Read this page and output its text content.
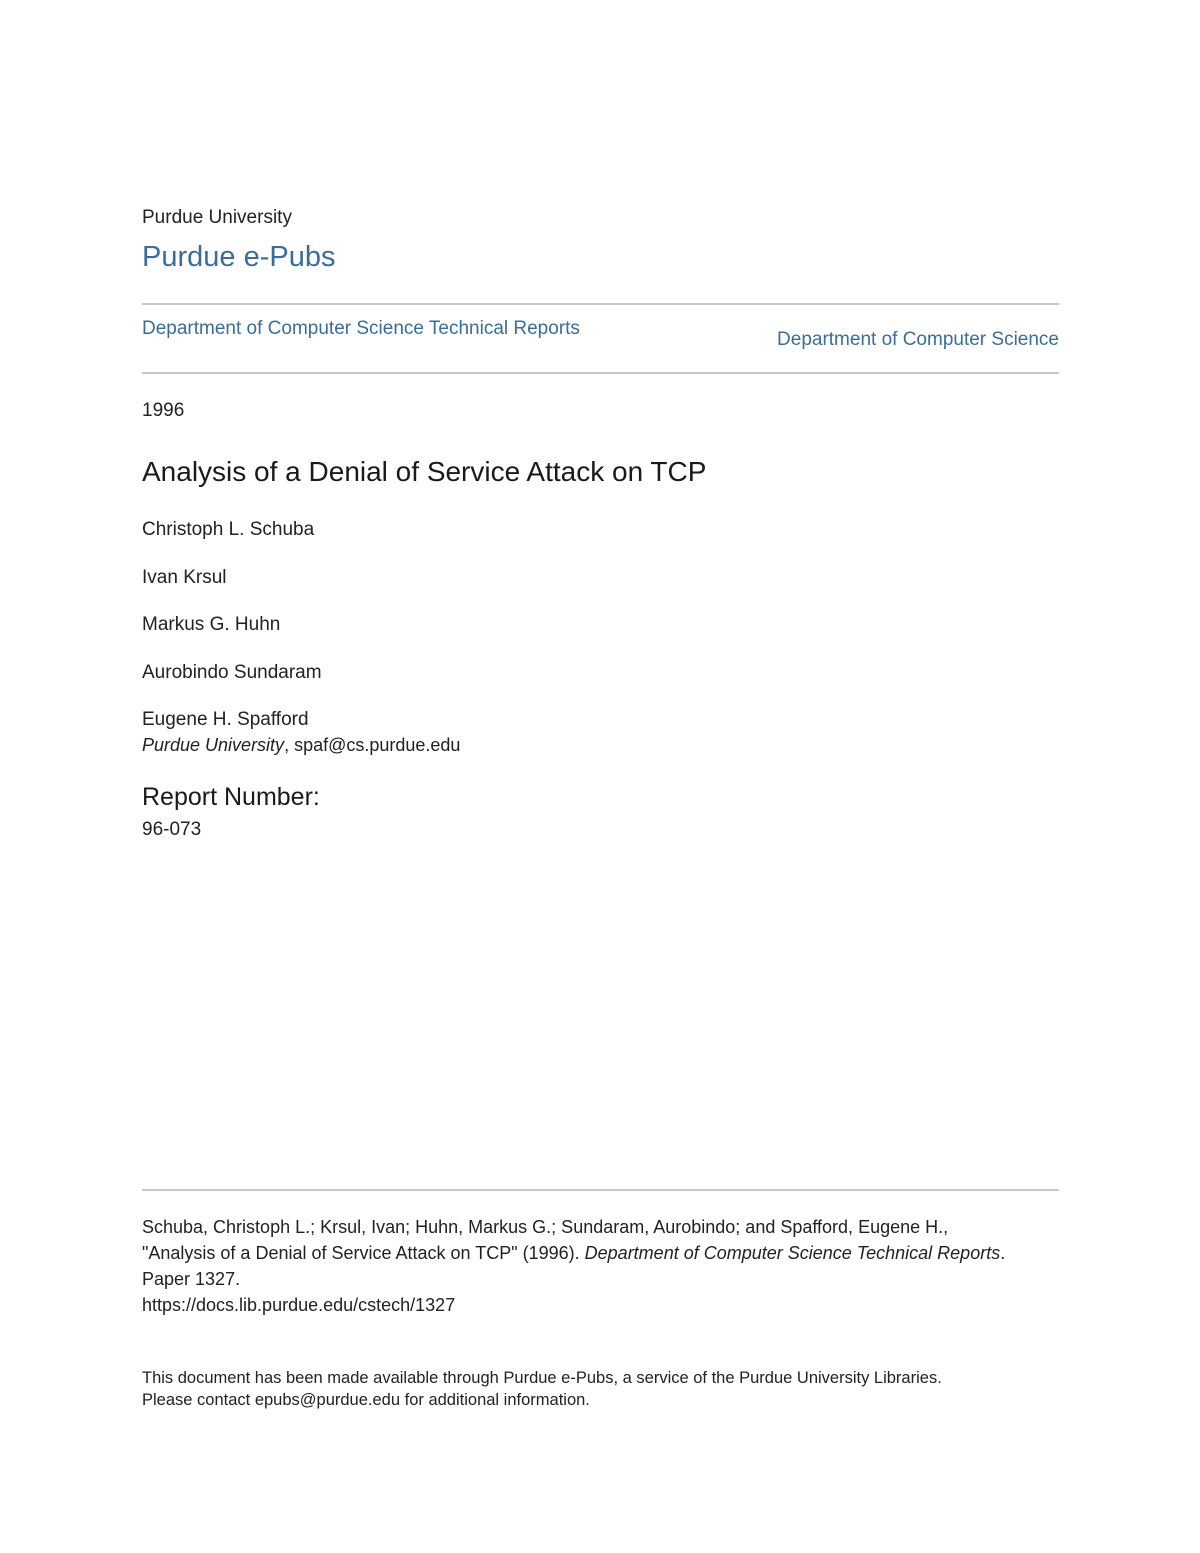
Purdue University
Purdue e-Pubs
Department of Computer Science Technical Reports
Department of Computer Science
1996
Analysis of a Denial of Service Attack on TCP
Christoph L. Schuba
Ivan Krsul
Markus G. Huhn
Aurobindo Sundaram
Eugene H. Spafford
Purdue University, spaf@cs.purdue.edu
Report Number:
96-073
Schuba, Christoph L.; Krsul, Ivan; Huhn, Markus G.; Sundaram, Aurobindo; and Spafford, Eugene H., "Analysis of a Denial of Service Attack on TCP" (1996). Department of Computer Science Technical Reports. Paper 1327.
https://docs.lib.purdue.edu/cstech/1327
This document has been made available through Purdue e-Pubs, a service of the Purdue University Libraries.
Please contact epubs@purdue.edu for additional information.
